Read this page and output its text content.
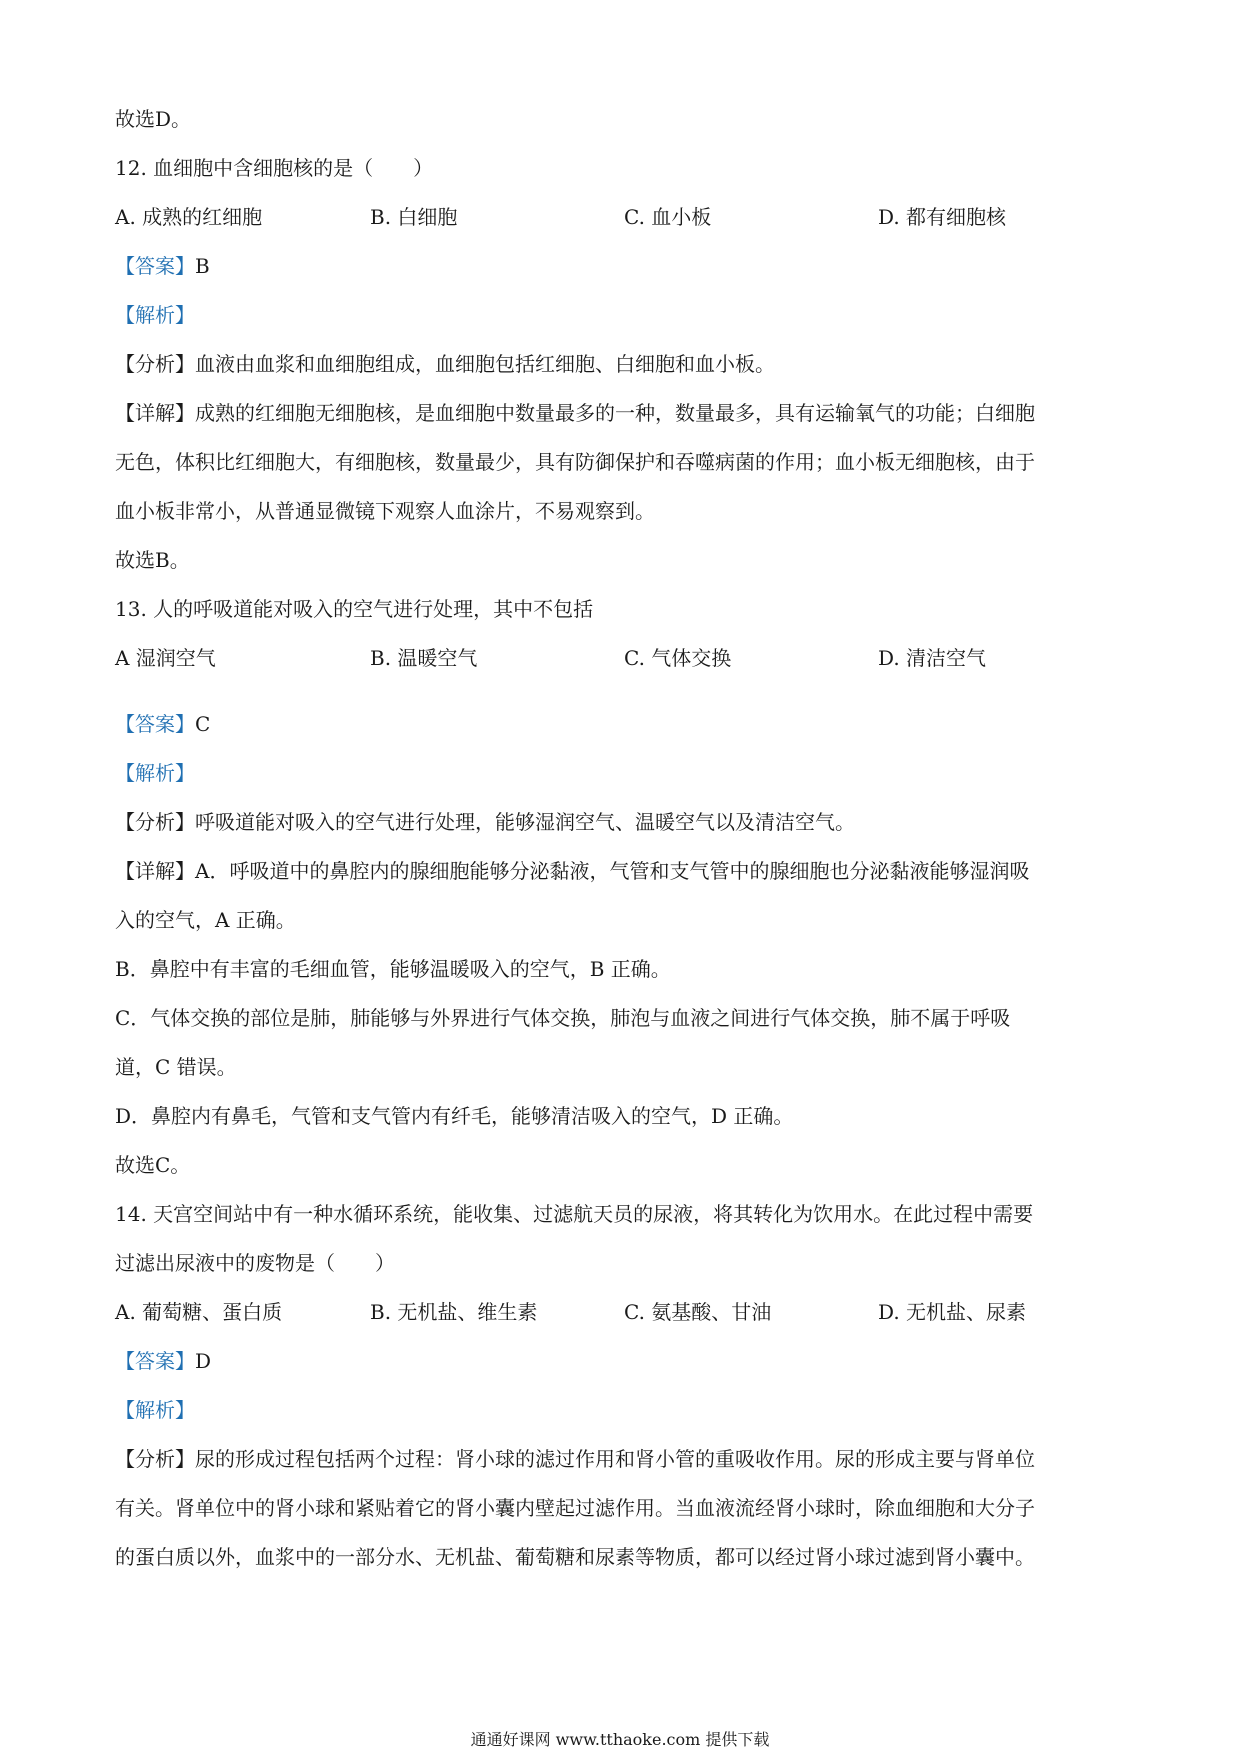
故选D。
12. 血细胞中含细胞核的是（　　）
A. 成熟的红细胞	B. 白细胞	C. 血小板	D. 都有细胞核
【答案】B
【解析】
【分析】血液由血浆和血细胞组成，血细胞包括红细胞、白细胞和血小板。
【详解】成熟的红细胞无细胞核，是血细胞中数量最多的一种，数量最多，具有运输氧气的功能；白细胞
无色，体积比红细胞大，有细胞核，数量最少，具有防御保护和吞噬病菌的作用；血小板无细胞核，由于
血小板非常小，从普通显微镜下观察人血涂片，不易观察到。
故选B。
13. 人的呼吸道能对吸入的空气进行处理，其中不包括
A 湿润空气	B. 温暖空气	C. 气体交换	D. 清洁空气
【答案】C
【解析】
【分析】呼吸道能对吸入的空气进行处理，能够湿润空气、温暖空气以及清洁空气。
【详解】A．呼吸道中的鼻腔内的腺细胞能够分泌黏液，气管和支气管中的腺细胞也分泌黏液能够湿润吸
入的空气，A 正确。
B．鼻腔中有丰富的毛细血管，能够温暖吸入的空气，B 正确。
C．气体交换的部位是肺，肺能够与外界进行气体交换，肺泡与血液之间进行气体交换，肺不属于呼吸
道，C 错误。
D．鼻腔内有鼻毛，气管和支气管内有纤毛，能够清洁吸入的空气，D 正确。
故选C。
14. 天宫空间站中有一种水循环系统，能收集、过滤航天员的尿液，将其转化为饮用水。在此过程中需要
过滤出尿液中的废物是（　　）
A. 葡萄糖、蛋白质	B. 无机盐、维生素	C. 氨基酸、甘油	D. 无机盐、尿素
【答案】D
【解析】
【分析】尿的形成过程包括两个过程：肾小球的滤过作用和肾小管的重吸收作用。尿的形成主要与肾单位
有关。肾单位中的肾小球和紧贴着它的肾小囊内壁起过滤作用。当血液流经肾小球时，除血细胞和大分子
的蛋白质以外，血浆中的一部分水、无机盐、葡萄糖和尿素等物质，都可以经过肾小球过滤到肾小囊中。
通通好课网 www.tthaoke.com 提供下载
